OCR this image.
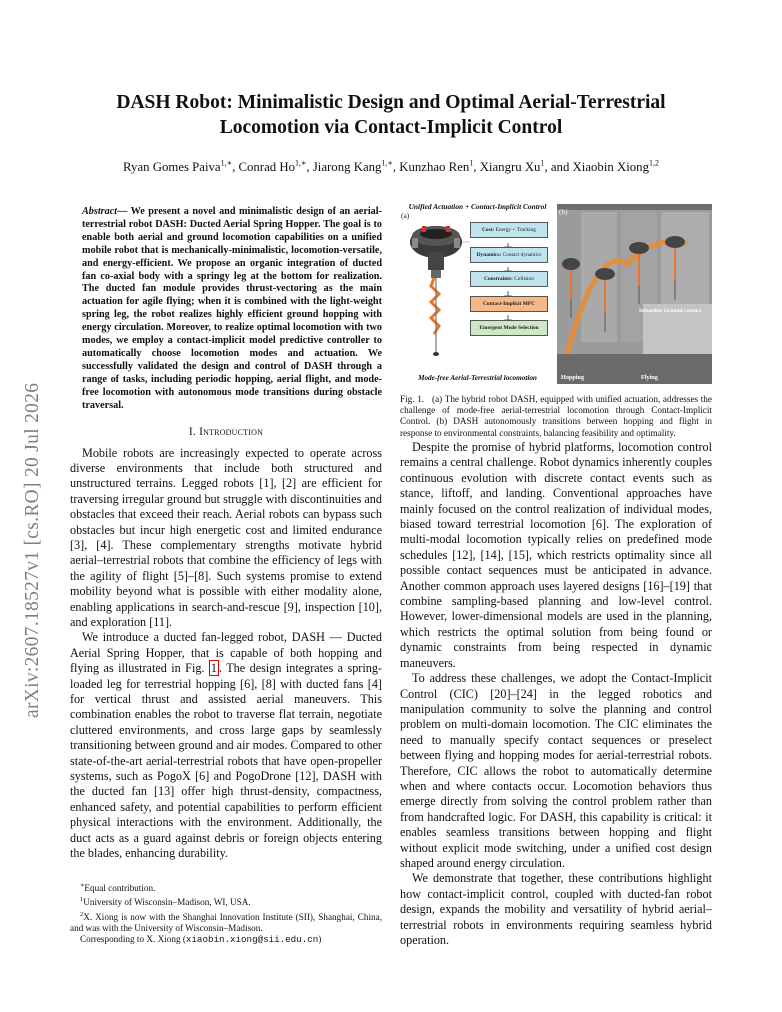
arXiv:2607.18527v1 [cs.RO] 20 Jul 2026
DASH Robot: Minimalistic Design and Optimal Aerial-Terrestrial
Locomotion via Contact-Implicit Control
Ryan Gomes Paiva$^{1,∗}$, Conrad $Ho^{1,∗}$, Jiarong Kang$^{1,∗}$, Kunzhao Ren$^1$, Xiangru Xu$^1$, and Xiaobin Xiong$^{1,2}$

Abstract— We present a novel and minimalistic design of an aerial-terrestrial robot DASH: Ducted Aerial Spring Hopper. The goal is to enable both aerial and ground locomotion capabilities on a unified mobile robot that is mechanically-minimalistic, locomotion-versatile, and energy-efficient. We propose an organic integration of ducted fan co-axial body with a springy leg at the bottom for realization. The ducted fan module provides thrust-vectoring as the main actuation for agile flying; when it is combined with the light-weight spring leg, the robot realizes highly efficient ground hopping with energy circulation. Moreover, to realize optimal locomotion with two modes, we employ a contact-implicit model predictive controller to automatically choose locomotion modes and actuation. We successfully validated the design and control of DASH through a range of tasks, including periodic hopping, aerial flight, and mode-free locomotion with autonomous mode transitions during obstacle traversal.

I. Introduction

Mobile robots are increasingly expected to operate across diverse environments that include both structured and unstructured terrains. Legged robots [1], [2] are efficient for traversing irregular ground but struggle with discontinuities and obstacles that exceed their reach. Aerial robots can bypass such obstacles but incur high energetic cost and limited endurance [3], [4]. These complementary strengths motivate hybrid aerial–terrestrial robots that combine the efficiency of legs with the agility of flight [5]–[8]. Such systems promise to extend mobility beyond what is possible with either modality alone, enabling applications in search-and-rescue [9], inspection [10], and exploration [11].

We introduce a ducted fan-legged robot, DASH — Ducted Aerial Spring Hopper, that is capable of both hopping and flying as illustrated in Fig. 1 . The design integrates a spring-loaded leg for terrestrial hopping [6], [8] with ducted fans [4] for vertical thrust and assisted aerial maneuvers. This combination enables the robot to traverse flat terrain, negotiate cluttered environments, and cross large gaps by seamlessly transitioning between ground and air modes. Compared to other state-of-the-art aerial-terrestrial robots that have open-propeller systems, such as PogoX [6] and PogoDrone [12], DASH with the ducted fan [13] offer high thrust-density, compactness, enhanced safety, and potential capabilities to perform efficient physical interactions with the environment. Additionally, the duct acts as a guard against debris or foreign objects entering the blades, enhancing durability.

∗Equal contribution.

$^1$University of Wisconsin–Madison, WI, USA.

$^2$X. Xiong is now with the Shanghai Innovation Institute (SII), Shanghai, China, and was with the University of Wisconsin–Madison.

Corresponding to X. Xiong (xiaobin.xiong@sii.edu.cn)

Unified Actuation + Contact-Implicit Control
(a)
Cost: Energy + Tracking
Dynamics: Contact dynamics
Constraints: Collision
Contact-Implicit MPC
Emergent Mode Selection
Mode-free Aerial-Terrestrial locomotion
(b)
Infeasible Ground contact
Hopping	Flying
Fig. 1. (a) The hybrid robot DASH, equipped with unified actuation, addresses the challenge of mode-free aerial-terrestrial locomotion through Contact-Implicit Control. (b) DASH autonomously transitions between hopping and flight in response to environmental constraints, balancing feasibility and optimality.

Despite the promise of hybrid platforms, locomotion control remains a central challenge. Robot dynamics inherently couples continuous evolution with discrete contact events such as stance, liftoff, and landing. Conventional approaches have mainly focused on the control realization of individual modes, biased toward terrestrial locomotion [6]. The exploration of multi-modal locomotion typically relies on predefined mode schedules [12], [14], [15], which restricts optimality since all possible contact sequences must be anticipated in advance. Another common approach uses layered designs [16]–[19] that combine sampling-based planning and low-level control. However, lower-dimensional models are used in the planning, which restricts the optimal solution from being found or dynamic constraints from being respected in dynamic maneuvers.

To address these challenges, we adopt the Contact-Implicit Control (CIC) [20]–[24] in the legged robotics and manipulation community to solve the planning and control problem on multi-domain locomotion. The CIC eliminates the need to manually specify contact sequences or preselect between flying and hopping modes for aerial-terrestrial robots. Therefore, CIC allows the robot to automatically determine when and where contacts occur. Locomotion behaviors thus emerge directly from solving the control problem rather than from handcrafted logic. For DASH, this capability is critical: it enables seamless transitions between hopping and flight without explicit mode switching, under a unified cost design shaped around energy circulation.

We demonstrate that together, these contributions highlight how contact-implicit control, coupled with ducted-fan robot design, expands the mobility and versatility of hybrid aerial–terrestrial robots in environments requiring seamless hybrid operation.
